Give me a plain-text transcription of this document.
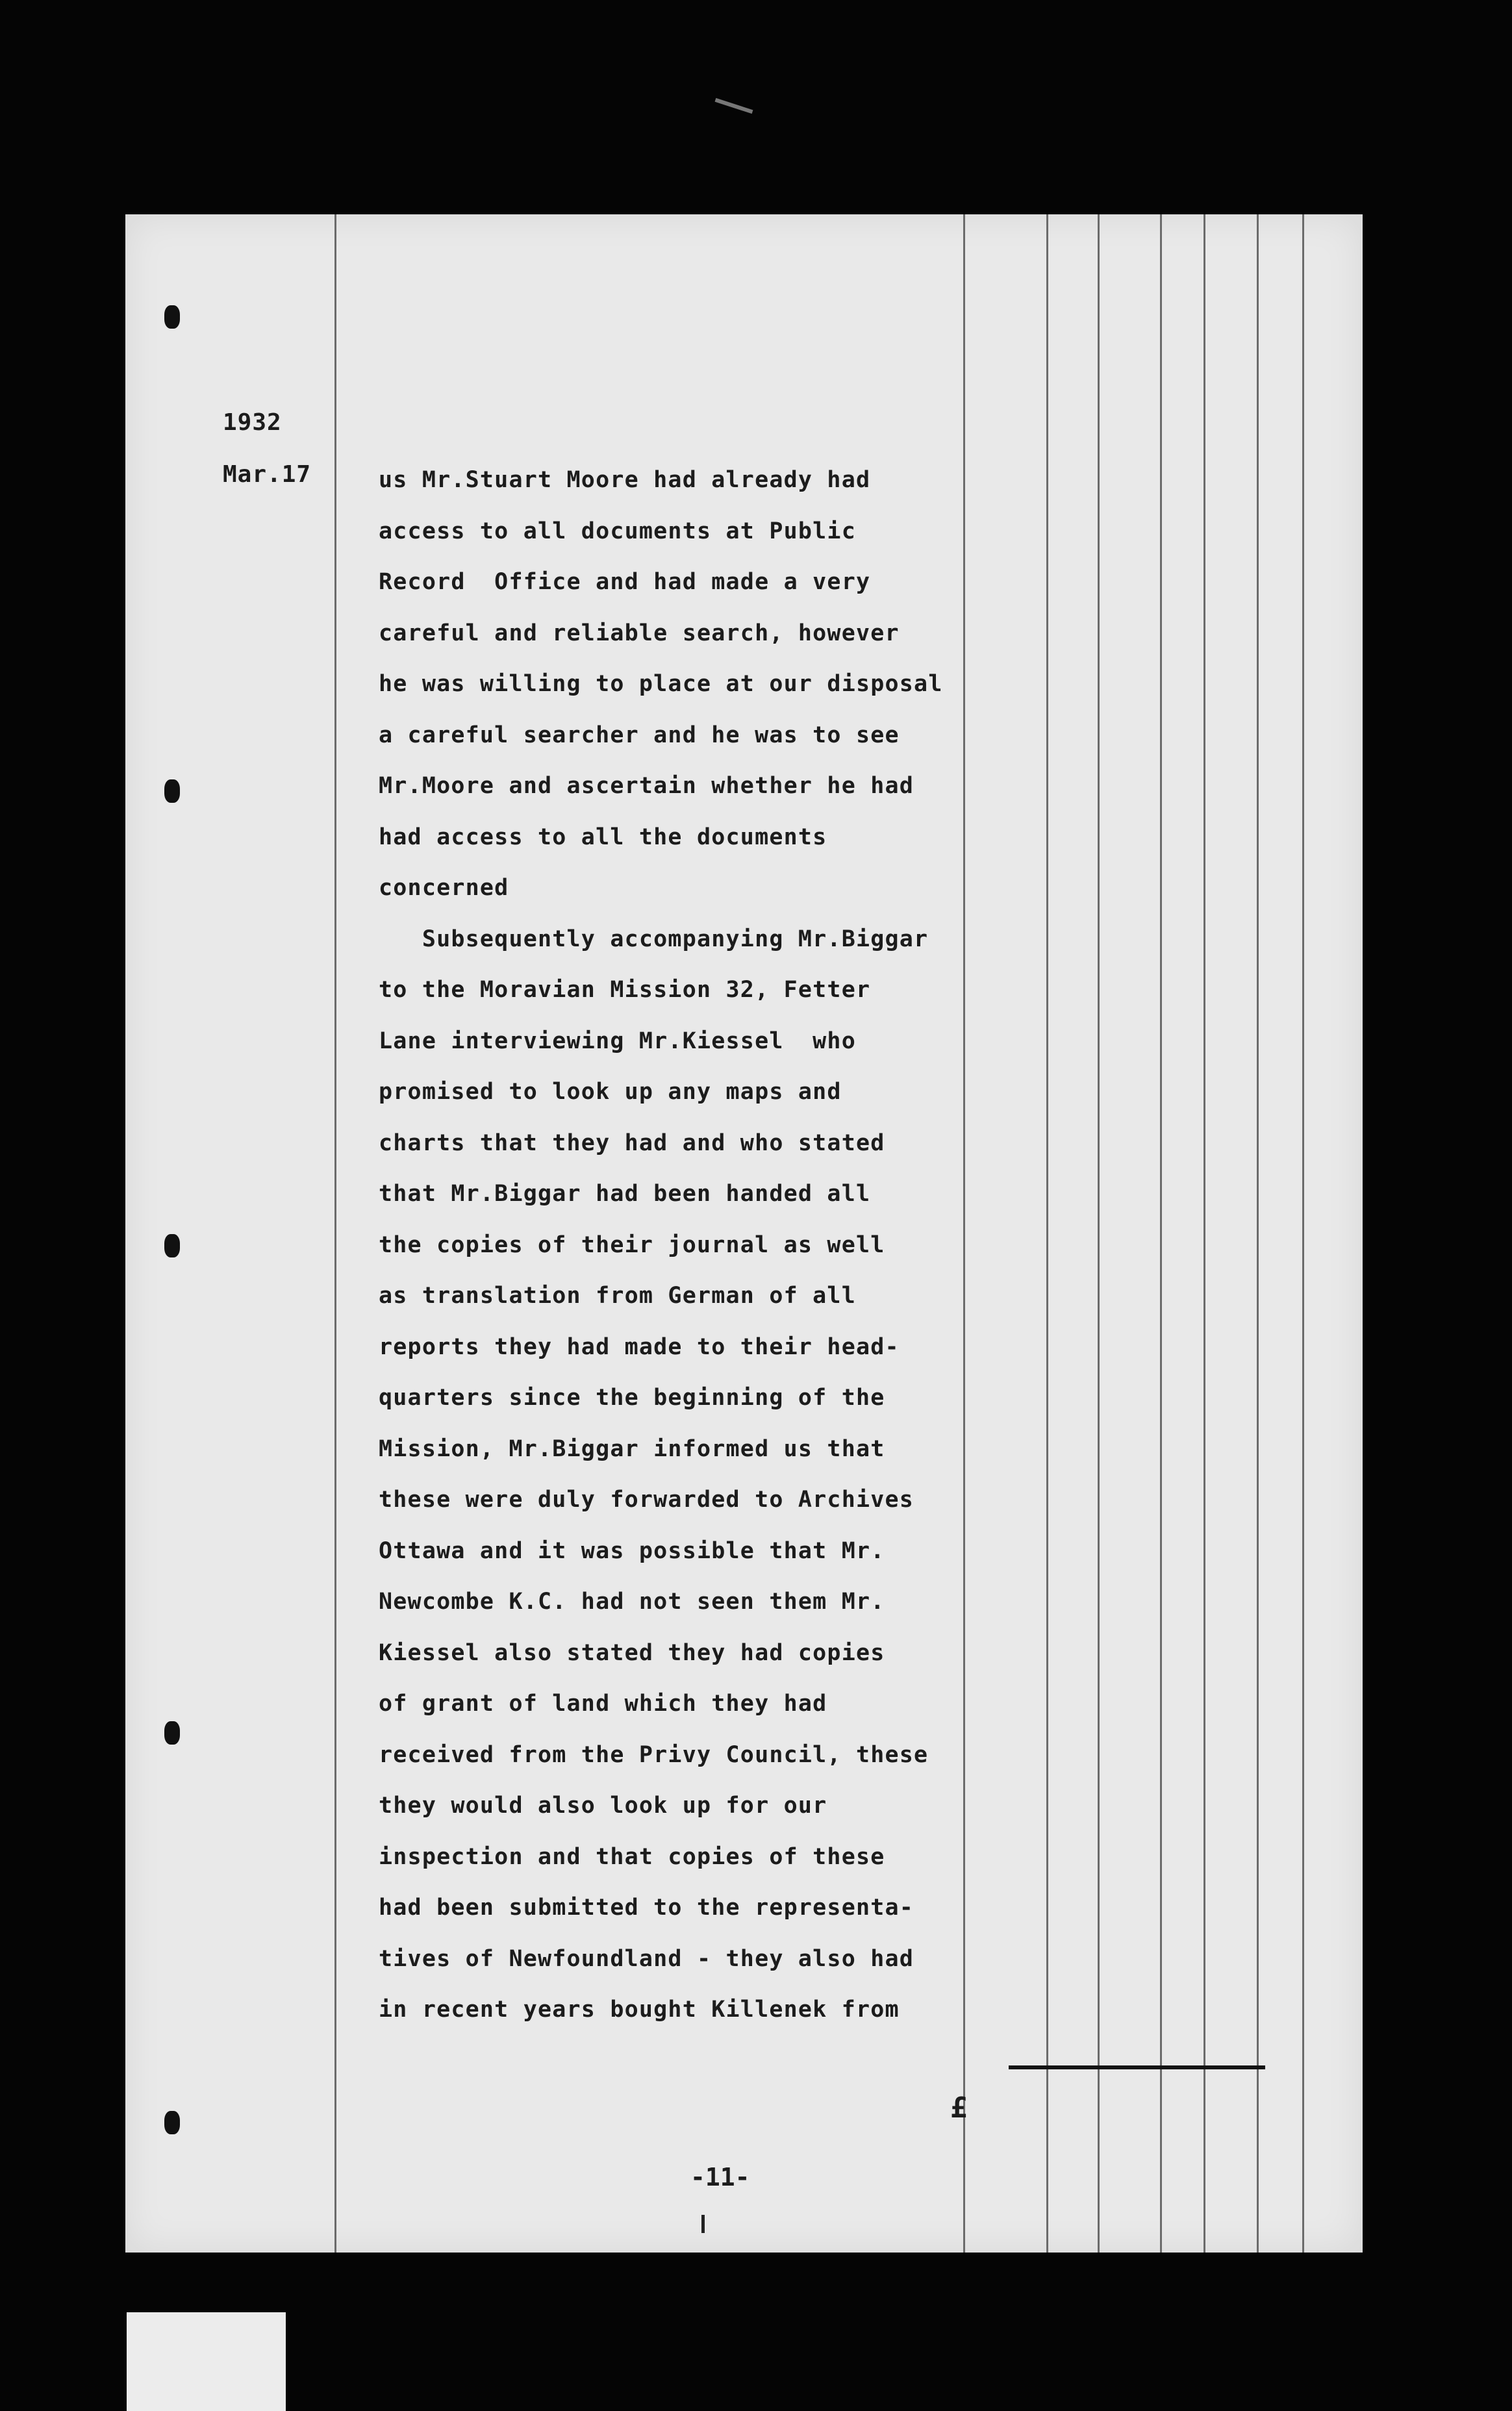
1932
Mar.17	us Mr.Stuart Moore had already had
access to all documents at Public
Record  Office and had made a very
careful and reliable search, however
he was willing to place at our disposal
a careful searcher and he was to see
Mr.Moore and ascertain whether he had
had access to all the documents
concerned
Subsequently accompanying Mr.Biggar
to the Moravian Mission 32, Fetter
Lane interviewing Mr.Kiessel  who
promised to look up any maps and
charts that they had and who stated
that Mr.Biggar had been handed all
the copies of their journal as well
as translation from German of all
reports they had made to their head-
quarters since the beginning of the
Mission, Mr.Biggar informed us that
these were duly forwarded to Archives
Ottawa and it was possible that Mr.
Newcombe K.C. had not seen them Mr.
Kiessel also stated they had copies
of grant of land which they had
received from the Privy Council, these
they would also look up for our
inspection and that copies of these
had been submitted to the representa-
tives of Newfoundland - they also had
in recent years bought Killenek from
£
-11-
